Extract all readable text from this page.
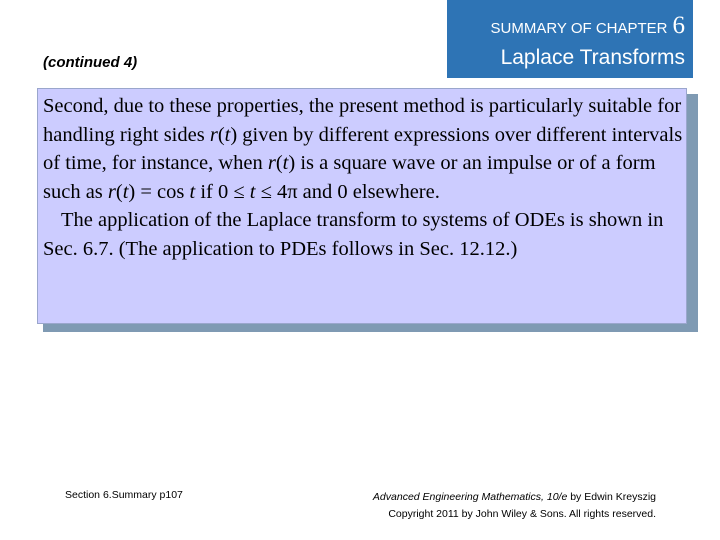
SUMMARY OF CHAPTER 6
Laplace Transforms
(continued 4)

Second, due to these properties, the present method is particularly suitable for handling right sides r(t) given by different expressions over different intervals of time, for instance, when r(t) is a square wave or an impulse or of a form such as r(t) = cos t if 0 ≤ t ≤ 4π and 0 elsewhere.

The application of the Laplace transform to systems of ODEs is shown in Sec. 6.7. (The application to PDEs follows in Sec. 12.12.)

Section 6.Summary p107	Advanced Engineering Mathematics, 10/e by Edwin Kreyszig
Copyright 2011 by John Wiley & Sons. All rights reserved.
